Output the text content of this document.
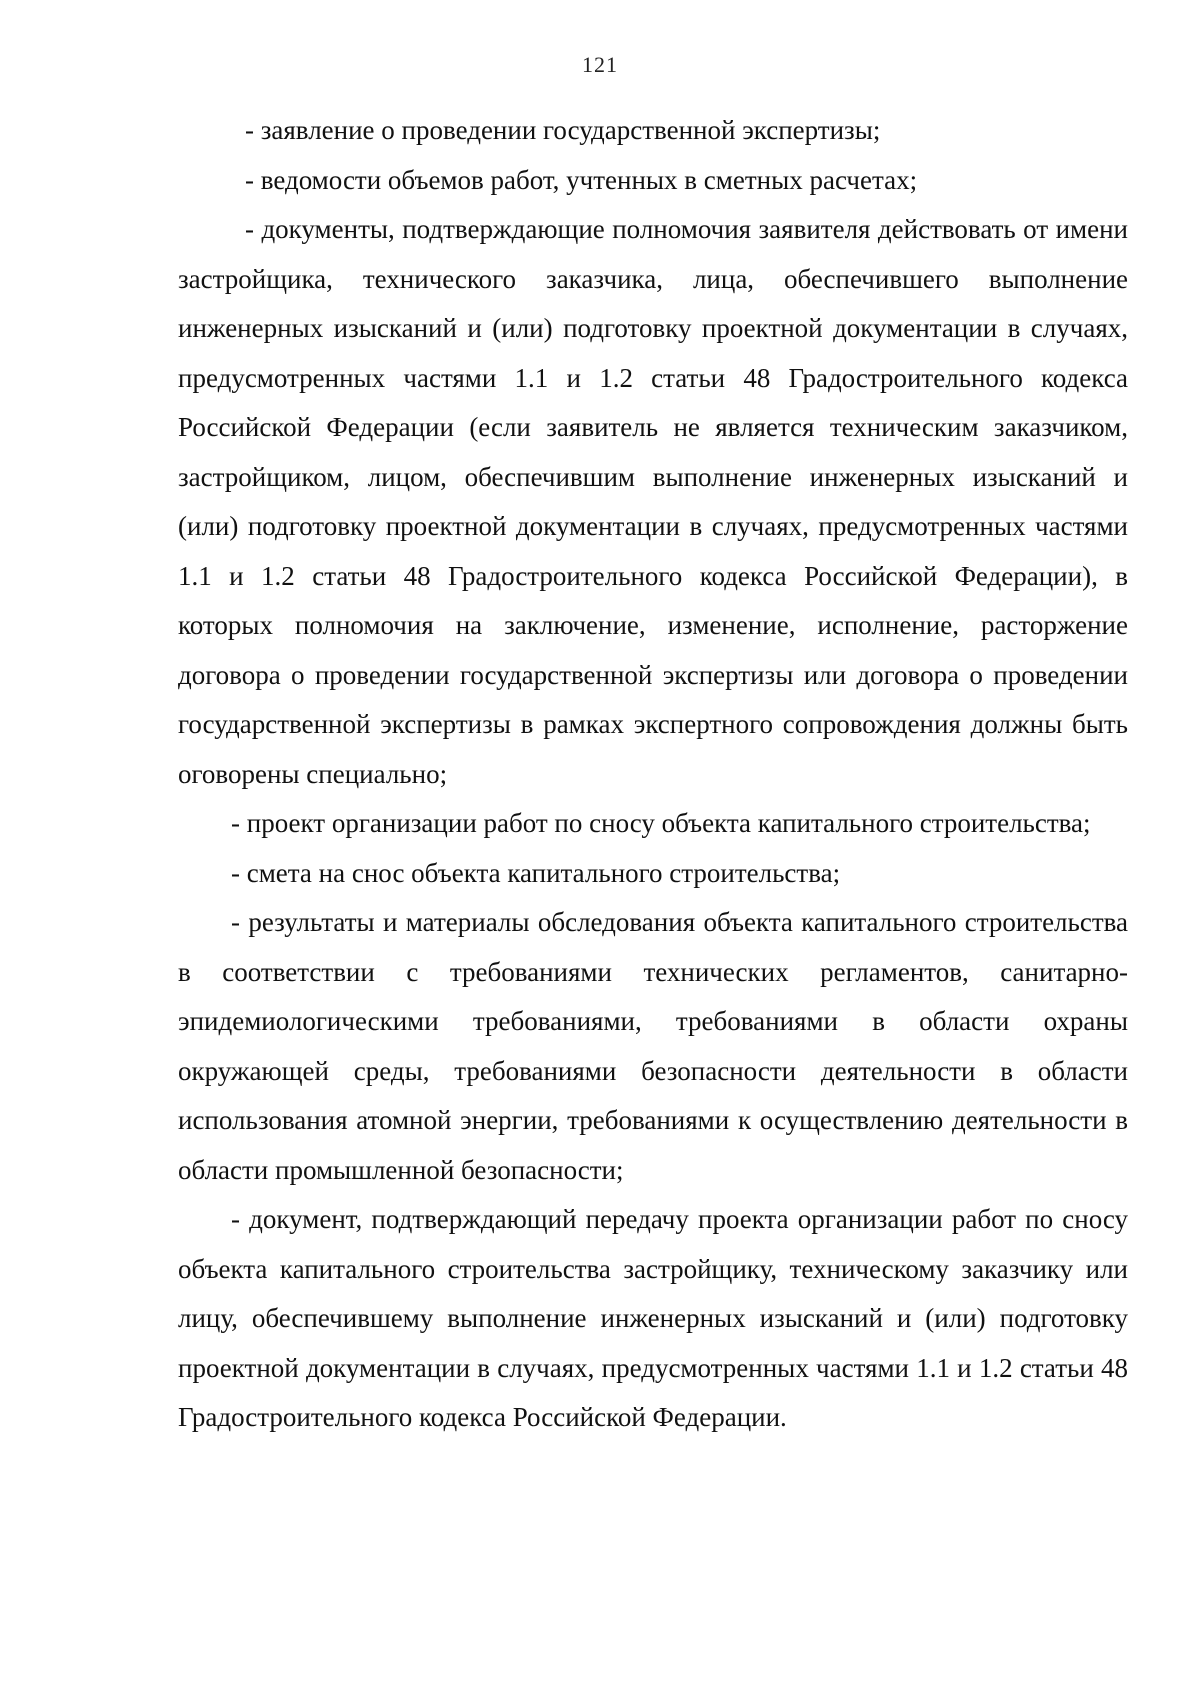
121

- заявление о проведении государственной экспертизы;

- ведомости объемов работ, учтенных в сметных расчетах;

- документы, подтверждающие полномочия заявителя действовать от имени застройщика, технического заказчика, лица, обеспечившего выполнение инженерных изысканий и (или) подготовку проектной документации в случаях, предусмотренных частями 1.1 и 1.2 статьи 48 Градостроительного кодекса Российской Федерации (если заявитель не является техническим заказчиком, застройщиком, лицом, обеспечившим выполнение инженерных изысканий и (или) подготовку проектной документации в случаях, предусмотренных частями 1.1 и 1.2 статьи 48 Градостроительного кодекса Российской Федерации), в которых полномочия на заключение, изменение, исполнение, расторжение договора о проведении государственной экспертизы или договора о проведении государственной экспертизы в рамках экспертного сопровождения должны быть оговорены специально;

- проект организации работ по сносу объекта капитального строительства;

- смета на снос объекта капитального строительства;

- результаты и материалы обследования объекта капитального строительства в соответствии с требованиями технических регламентов, санитарно-эпидемиологическими требованиями, требованиями в области охраны окружающей среды, требованиями безопасности деятельности в области использования атомной энергии, требованиями к осуществлению деятельности в области промышленной безопасности;

- документ, подтверждающий передачу проекта организации работ по сносу объекта капитального строительства застройщику, техническому заказчику или лицу, обеспечившему выполнение инженерных изысканий и (или) подготовку проектной документации в случаях, предусмотренных частями 1.1 и 1.2 статьи 48 Градостроительного кодекса Российской Федерации.
